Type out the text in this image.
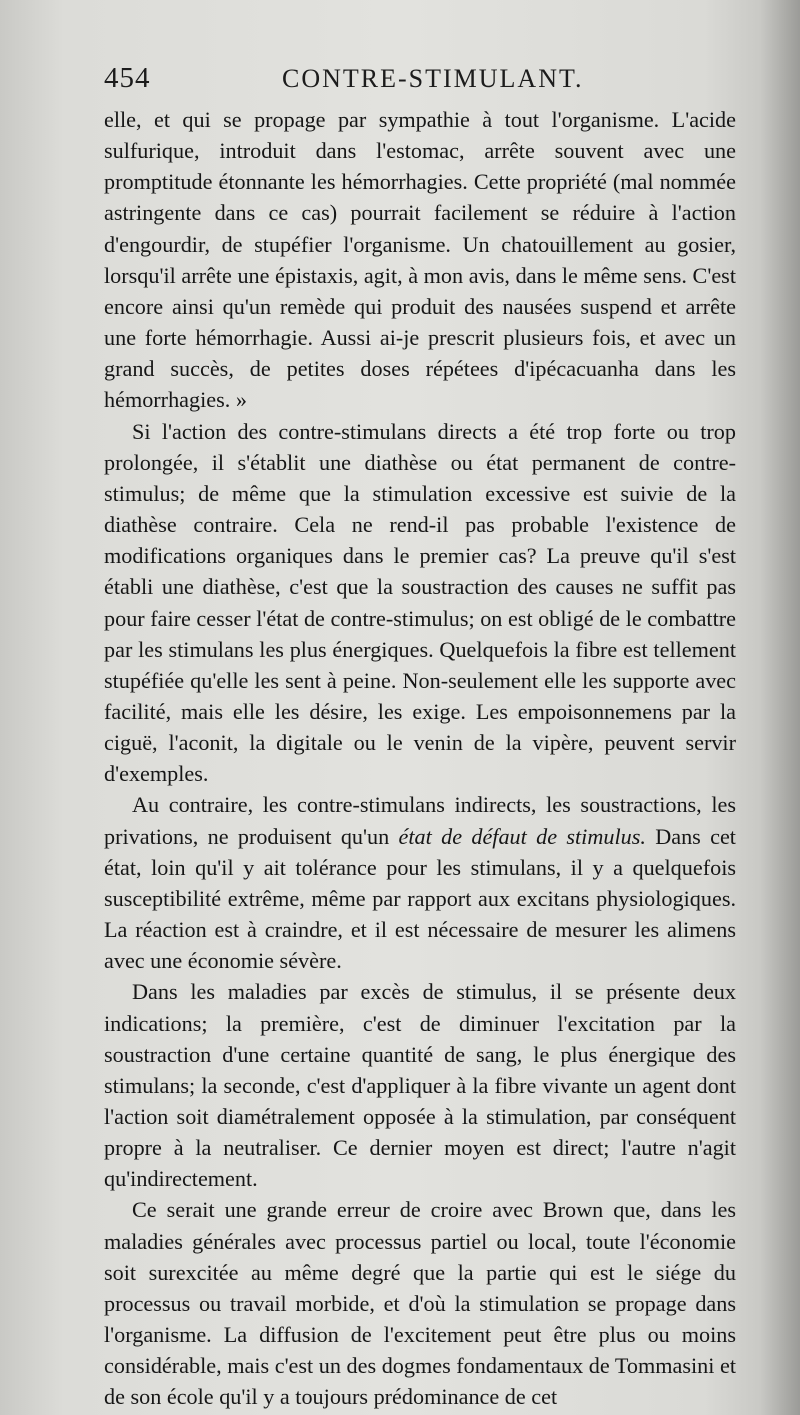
454	CONTRE-STIMULANT.

elle, et qui se propage par sympathie à tout l'organisme. L'acide sulfurique, introduit dans l'estomac, arrête souvent avec une promptitude étonnante les hémorrhagies. Cette propriété (mal nommée astringente dans ce cas) pourrait facilement se réduire à l'action d'engourdir, de stupéfier l'organisme. Un chatouillement au gosier, lorsqu'il arrête une épistaxis, agit, à mon avis, dans le même sens. C'est encore ainsi qu'un remède qui produit des nausées suspend et arrête une forte hémorrhagie. Aussi ai-je prescrit plusieurs fois, et avec un grand succès, de petites doses répétees d'ipécacuanha dans les hémorrhagies. »

Si l'action des contre-stimulans directs a été trop forte ou trop prolongée, il s'établit une diathèse ou état permanent de contre-stimulus; de même que la stimulation excessive est suivie de la diathèse contraire. Cela ne rend-il pas probable l'existence de modifications organiques dans le premier cas? La preuve qu'il s'est établi une diathèse, c'est que la soustraction des causes ne suffit pas pour faire cesser l'état de contre-stimulus; on est obligé de le combattre par les stimulans les plus énergiques. Quelquefois la fibre est tellement stupéfiée qu'elle les sent à peine. Non-seulement elle les supporte avec facilité, mais elle les désire, les exige. Les empoisonnemens par la ciguë, l'aconit, la digitale ou le venin de la vipère, peuvent servir d'exemples.

Au contraire, les contre-stimulans indirects, les soustractions, les privations, ne produisent qu'un état de défaut de stimulus. Dans cet état, loin qu'il y ait tolérance pour les stimulans, il y a quelquefois susceptibilité extrême, même par rapport aux excitans physiologiques. La réaction est à craindre, et il est nécessaire de mesurer les alimens avec une économie sévère.

Dans les maladies par excès de stimulus, il se présente deux indications; la première, c'est de diminuer l'excitation par la soustraction d'une certaine quantité de sang, le plus énergique des stimulans; la seconde, c'est d'appliquer à la fibre vivante un agent dont l'action soit diamétralement opposée à la stimulation, par conséquent propre à la neutraliser. Ce dernier moyen est direct; l'autre n'agit qu'indirectement.

Ce serait une grande erreur de croire avec Brown que, dans les maladies générales avec processus partiel ou local, toute l'économie soit surexcitée au même degré que la partie qui est le siége du processus ou travail morbide, et d'où la stimulation se propage dans l'organisme. La diffusion de l'excitement peut être plus ou moins considérable, mais c'est un des dogmes fondamentaux de Tommasini et de son école qu'il y a toujours prédominance de cet
